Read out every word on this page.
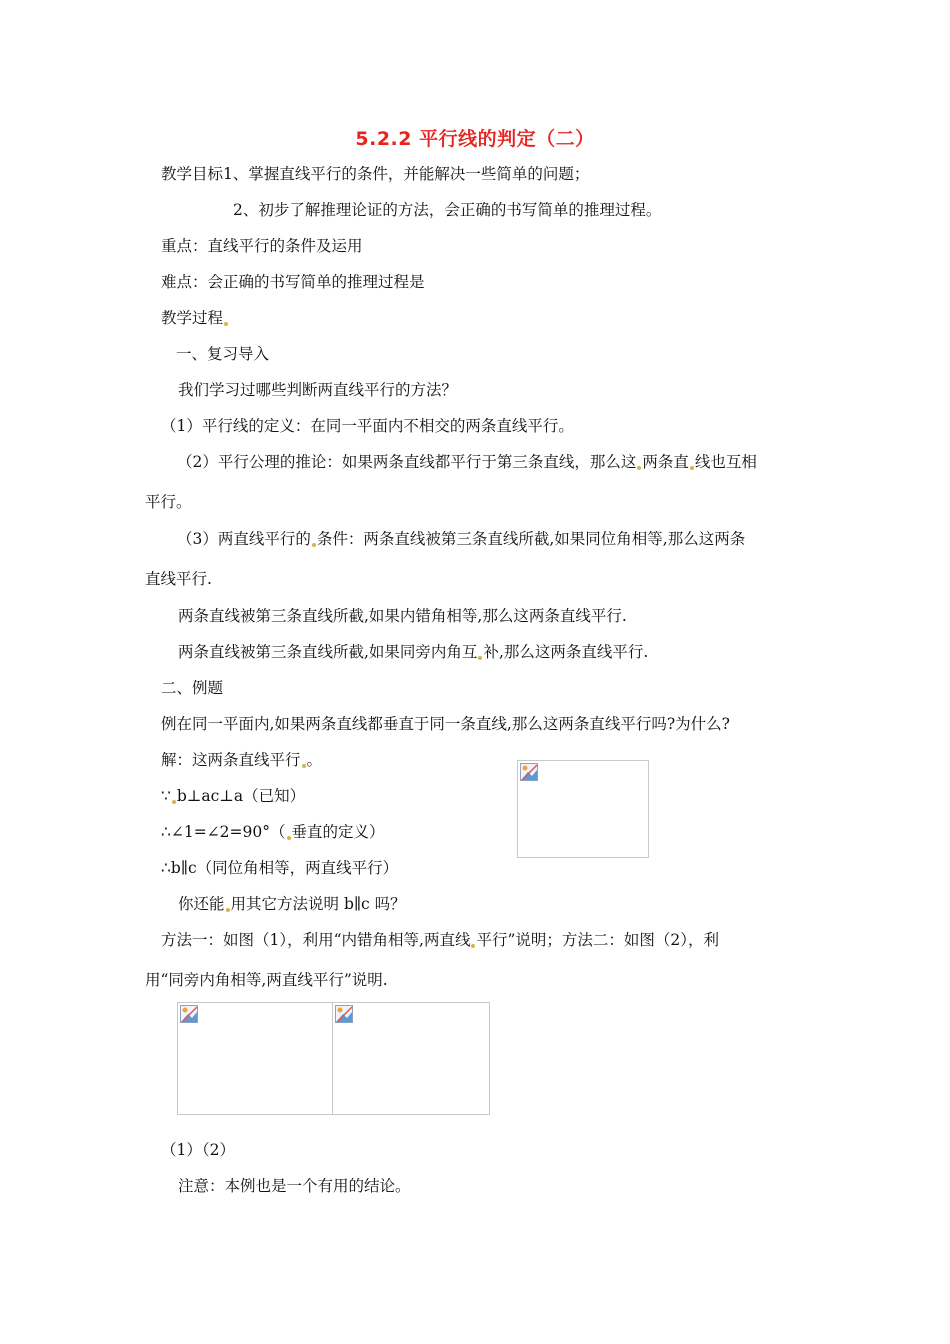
5.2.2 平行线的判定（二）
教学目标1、掌握直线平行的条件，并能解决一些简单的问题；
2、初步了解推理论证的方法，会正确的书写简单的推理过程。
重点：直线平行的条件及运用
难点：会正确的书写简单的推理过程是
教学过程
一、复习导入
我们学习过哪些判断两直线平行的方法？
（1）平行线的定义：在同一平面内不相交的两条直线平行。
（2）平行公理的推论：如果两条直线都平行于第三条直线，那么这 两条直 线也互相
平行。
（3）两直线平行的 条件：两条直线被第三条直线所截,如果同位角相等,那么这两条
直线平行.
两条直线被第三条直线所截,如果内错角相等,那么这两条直线平行.
两条直线被第三条直线所截,如果同旁内角互 补,那么这两条直线平行.
二、例题
例在同一平面内,如果两条直线都垂直于同一条直线,那么这两条直线平行吗?为什么?
解：这两条直线平行 。
∵ b⊥ac⊥a（已知）
∴∠1=∠2=90°（ 垂直的定义）
∴b∥c（同位角相等，两直线平行）
你还能 用其它方法说明 b∥c 吗？
方法一：如图（1），利用“内错角相等,两直线 平行”说明；方法二：如图（2），利
用“同旁内角相等,两直线平行”说明.
（1）（2）
注意：本例也是一个有用的结论。
